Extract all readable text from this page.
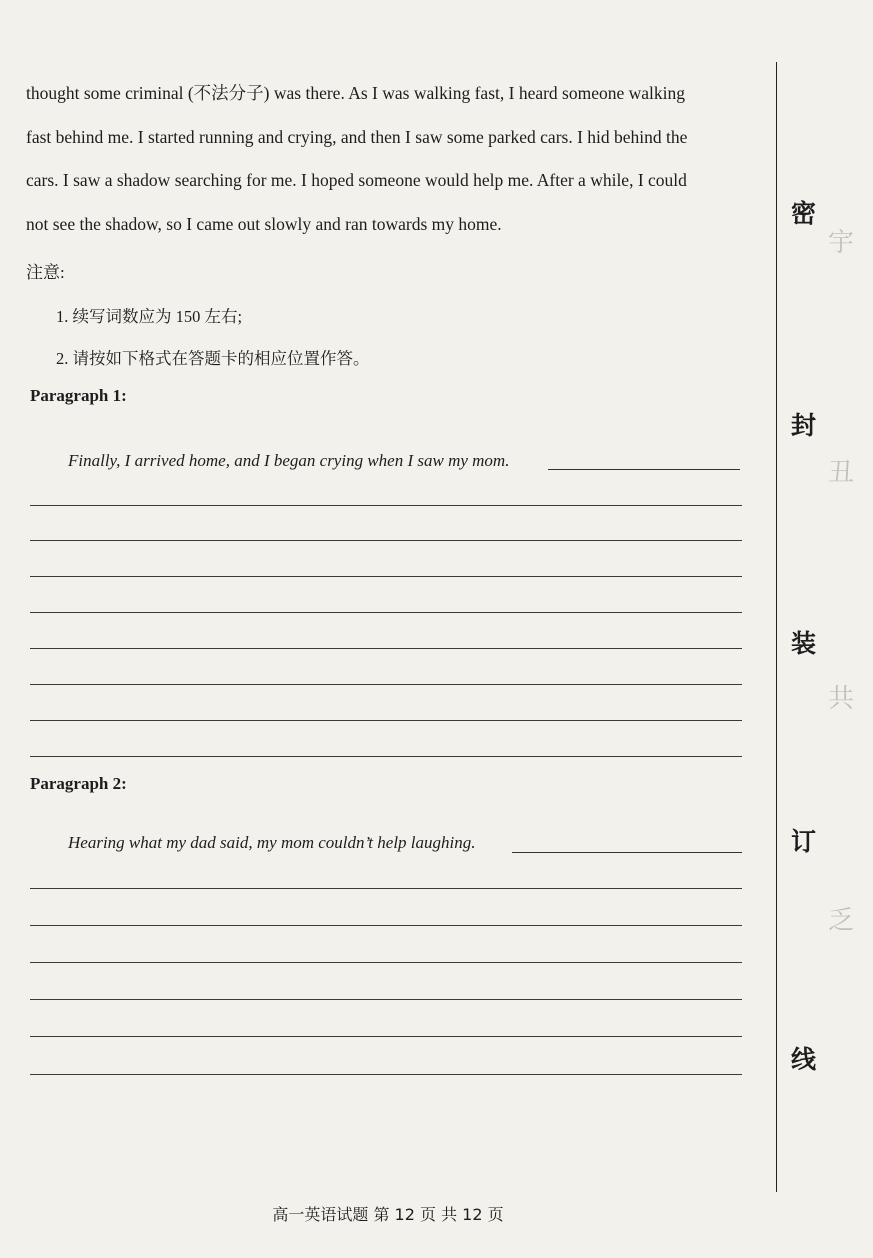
宇
丑
共
乏

thought some criminal (不法分子) was there. As I was walking fast, I heard someone walking

fast behind me. I started running and crying, and then I saw some parked cars. I hid behind the

cars. I saw a shadow searching for me. I hoped someone would help me. After a while, I could

not see the shadow, so I came out slowly and ran towards my home.

注意:
1. 续写词数应为 150 左右;
2. 请按如下格式在答题卡的相应位置作答。
Paragraph 1:
Finally, I arrived home, and I began crying when I saw my mom.
Paragraph 2:
Hearing what my dad said, my mom couldn’t help laughing.
密
封
装
订
线
高一英语试题 第 12 页 共 12 页
